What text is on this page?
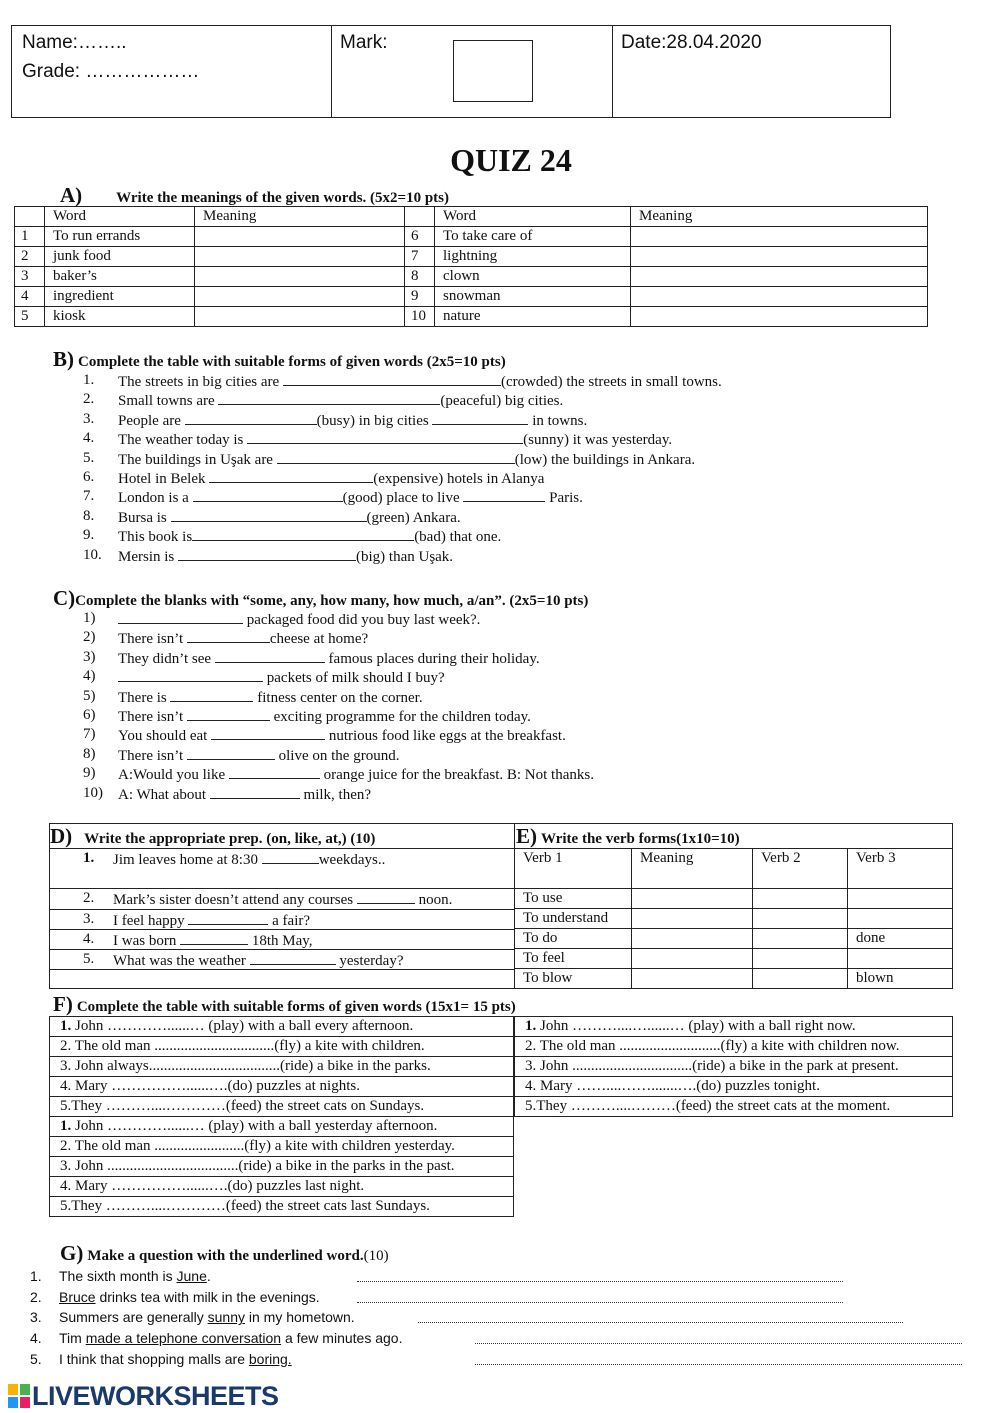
Name:……..
Grade: ………………
Mark:	Date:28.04.2020
QUIZ 24
A) Write the meanings of the given words. (5x2=10 pts)
	Word	Meaning		Word	Meaning
1	To run errands		6	To take care of	
2	junk food		7	lightning	
3	baker’s		8	clown	
4	ingredient		9	snowman	
5	kiosk		10	nature	
B) Complete the table with suitable forms of given words (2x5=10 pts)
1. The streets in big cities are	(crowded) the streets in small towns.
2. Small towns are	(peaceful) big cities.
3. People are	(busy) in big cities	in towns.
4. The weather today is	(sunny) it was yesterday.
5. The buildings in Uşak are	(low) the buildings in Ankara.
6. Hotel in Belek	(expensive) hotels in Alanya
7. London is a	(good) place to live	Paris.
8. Bursa is	(green) Ankara.
9. This book is	(bad) that one.
10. Mersin is	(big) than Uşak.
C)Complete the blanks with “some, any, how many, how much, a/an”. (2x5=10 pts)
1)	packaged food did you buy last week?.
2) There isn’t	cheese at home?
3) They didn’t see	famous places during their holiday.
4)	packets of milk should I buy?
5) There is	fitness center on the corner.
6) There isn’t	exciting programme for the children today.
7) You should eat	nutrious food like eggs at the breakfast.
8) There isn’t	olive on the ground.
9) A:Would you like	orange juice for the breakfast. B: Not thanks.
10) A: What about	milk, then?
D) Write the appropriate prep. (on, like, at,) (10)	E) Write the verb forms(1x10=10)
1. Jim leaves home at 8:30	weekdays..
2. Mark’s sister doesn’t attend any courses	noon.
3. I feel happy	a fair?
4. I was born	18th May,
5. What was the weather	yesterday?
Verb 1	Meaning	Verb 2	Verb 3
To use			
To understand			
To do			done
To feel			
To blow			blown
F) Complete the table with suitable forms of given words (15x1= 15 pts)
1. John …………......… (play) with a ball every afternoon.
2. The old man ................................(fly) a kite with children.
3. John always...................................(ride) a bike in the parks.
4. Mary ……………......….(do) puzzles at nights.
5.They ………....…………(feed) the street cats on Sundays.
1. John …………......… (play) with a ball yesterday afternoon.
2. The old man ........................(fly) a kite with children yesterday.
3. John ...................................(ride) a bike in the parks in the past.
4. Mary ……………......….(do) puzzles last night.
5.They ………....…………(feed) the street cats last Sundays.
1. John ………....…......… (play) with a ball right now.
2. The old man ...........................(fly) a kite with children now.
3. John ................................(ride) a bike in the park at present.
4. Mary ……....…….......….(do) puzzles tonight.
5.They ………....………(feed) the street cats at the moment.
G) Make a question with the underlined word.(10)
1. The sixth month is June.
2. Bruce drinks tea with milk in the evenings.
3. Summers are generally sunny in my hometown.
4. Tim made a telephone conversation a few minutes ago.
5. I think that shopping malls are boring.
LIVEWORKSHEETS
